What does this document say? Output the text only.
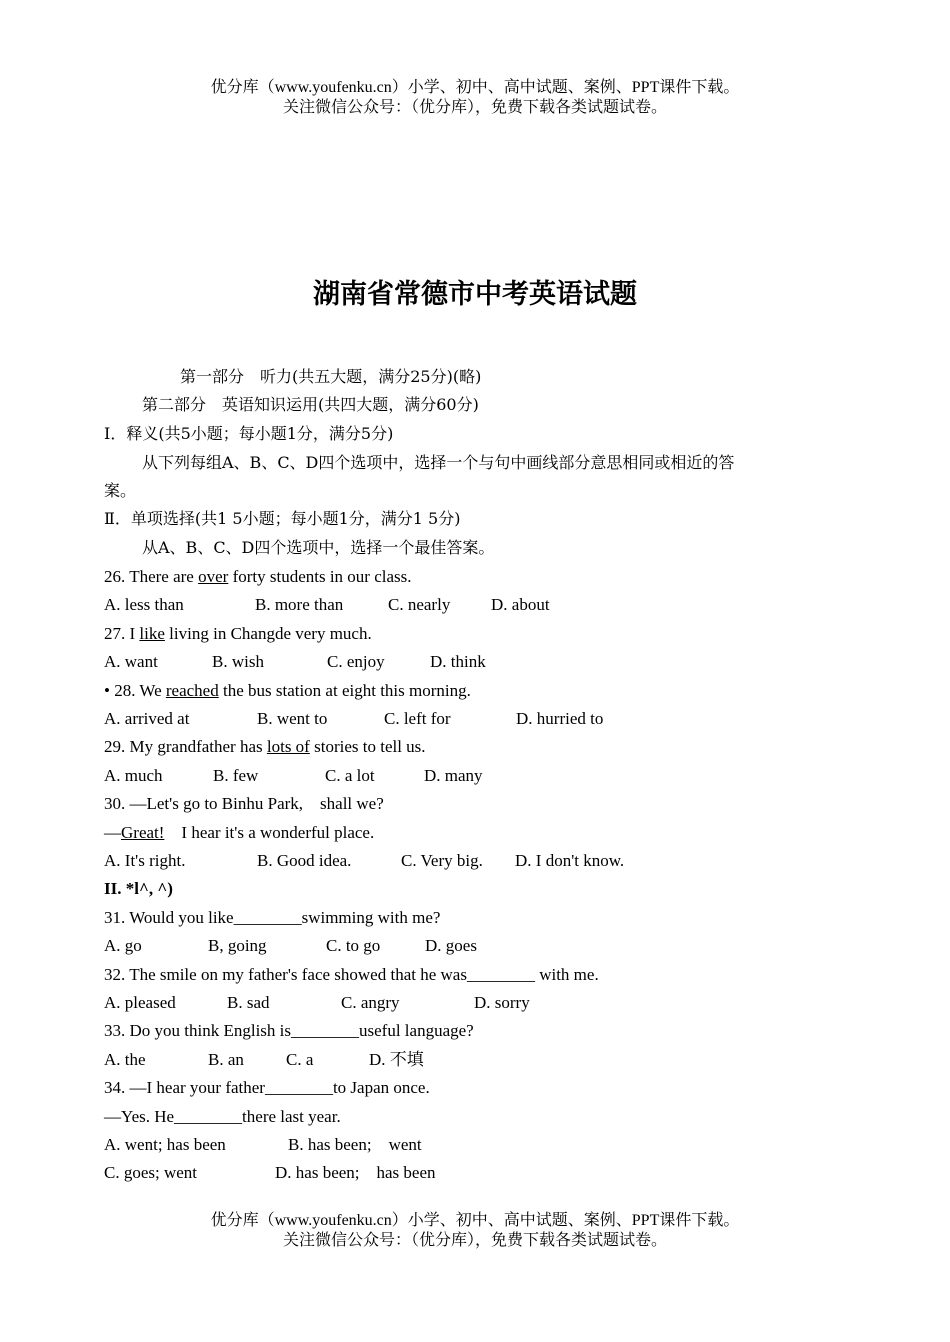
优分库（www.youfenku.cn）小学、初中、高中试题、案例、PPT课件下载。
关注微信公众号：（优分库），免费下载各类试题试卷。
湖南省常德市中考英语试题
第一部分　听力(共五大题，满分25分)(略)
第二部分　英语知识运用(共四大题，满分60分)
I．释义(共5小题；每小题1分，满分5分)
从下列每组A、B、C、D四个选项中，选择一个与句中画线部分意思相同或相近的答
案。
Ⅱ．单项选择(共1 5小题；每小题1分，满分1 5分)
从A、B、C、D四个选项中，选择一个最佳答案。
26. There are over forty students in our class.
A. less than	B. more than	C. nearly D. about
27. I like living in Changde very much.
A. want	B. wish	C. enjoy	D. think
• 28. We reached the bus station at eight this morning.
A. arrived at	B. went to	C. left for	D. hurried to
29. My grandfather has lots of stories to tell us.
A. much	B. few	C. a lot	D. many
30. —Let's go to Binhu Park,　shall we?
—Great!　I hear it's a wonderful place.
A. It's right.	B. Good idea.	C. Very big. D. I don't know.
II. *l^, ^)
31. Would you like________swimming with me?
A. go	B, going	C. to go	D. goes
32. The smile on my father's face showed that he was________ with me.
A. pleased	B. sad	C. angry	D. sorry
33. Do you think English is________useful language?
A. the	B. an C. a	D. 不填
34. —I hear your father________to Japan once.
—Yes. He________there last year.
A. went; has been	B. has been;　went
C. goes; went	D. has been;　has been
优分库（www.youfenku.cn）小学、初中、高中试题、案例、PPT课件下载。
关注微信公众号：（优分库），免费下载各类试题试卷。
